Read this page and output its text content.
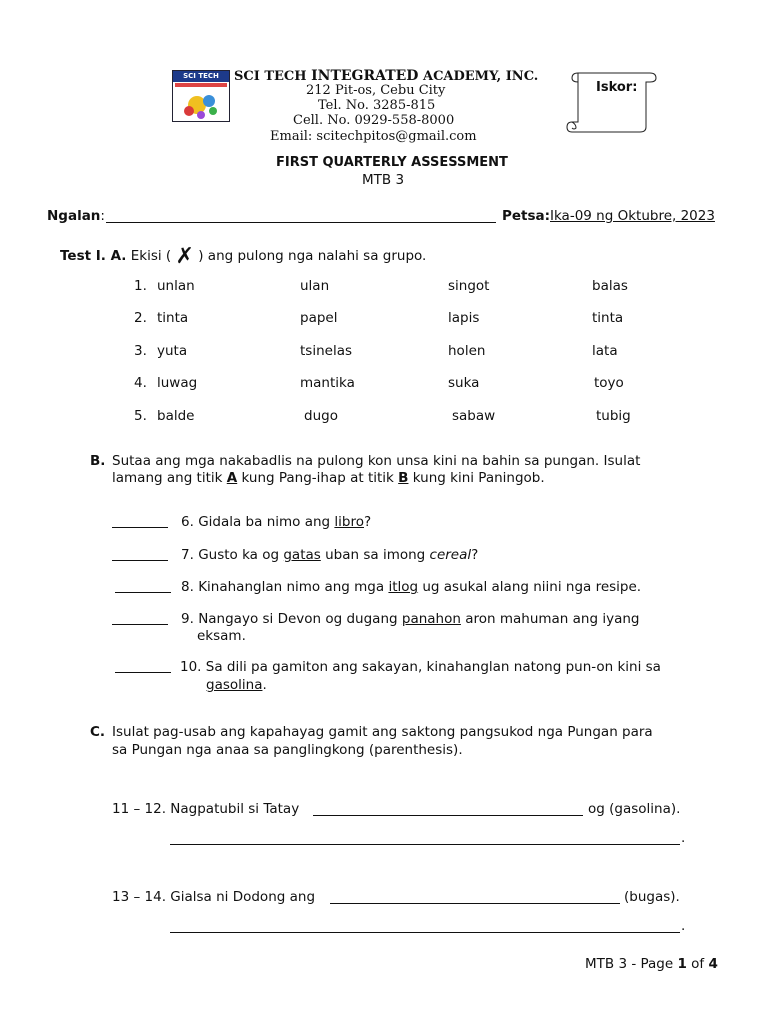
SCI TECH	SCI TECH INTEGRATED ACADEMY, INC.
212 Pit-os, Cebu City
Tel. No. 3285-815
Cell. No. 0929-558-8000
Email: scitechpitos@gmail.com
Iskor:
FIRST QUARTERLY ASSESSMENT
MTB 3
Ngalan:	Petsa: Ika-09 ng Oktubre, 2023
Test I. A. Ekisi ( ✗ ) ang pulong nga nalahi sa grupo.
1. unlan	ulan	singot	balas
2. tinta	papel	lapis	tinta
3. yuta	tsinelas	holen	lata
4. luwag	mantika	suka	toyo
5. balde	dugo	sabaw	tubig
B. Sutaa ang mga nakabadlis na pulong kon unsa kini na bahin sa pungan. Isulat
lamang ang titik A kung Pang-ihap at titik B kung kini Paningob.
6. Gidala ba nimo ang libro?
7. Gusto ka og gatas uban sa imong cereal?
8. Kinahanglan nimo ang mga itlog ug asukal alang niini nga resipe.
9. Nangayo si Devon og dugang panahon aron mahuman ang iyang
eksam.
10. Sa dili pa gamiton ang sakayan, kinahanglan natong pun-on kini sa
gasolina.
C. Isulat pag-usab ang kapahayag gamit ang saktong pangsukod nga Pungan para
sa Pungan nga anaa sa panglingkong (parenthesis).
11 – 12. Nagpatubil si Tatay	og (gasolina).
.
13 – 14. Gialsa ni Dodong ang	(bugas).
.
MTB 3 - Page 1 of 4
